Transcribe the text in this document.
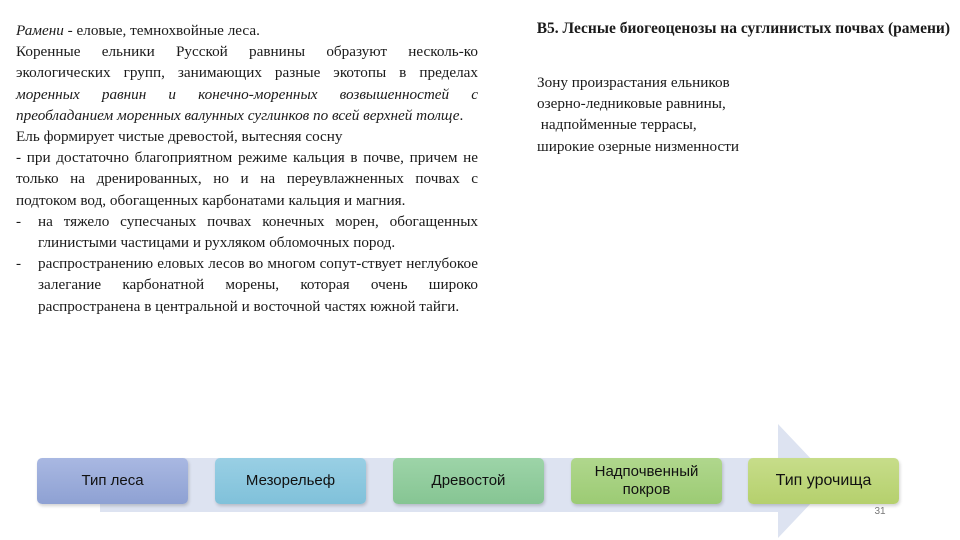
В5. Лесные биогеоценозы на суглинистых почвах (рамени)

Рамени - еловые, темнохвойные леса.

Коренные ельники Русской равнины образуют несколь-ко экологических групп, занимающих разные экотопы в пределах моренных равнин и конечно-моренных возвышенностей с преобладанием моренных валунных суглинков по всей верхней толще.

Ель формирует чистые древостой, вытесняя сосну

- при достаточно благоприятном режиме кальция в почве, причем не только на дренированных, но и на переувлажненных почвах с подтоком вод, обогащенных карбонатами кальция и магния.

-	на тяжело супесчаных почвах конечных морен, обогащенных глинистыми частицами и рухляком обломочных пород.
-	распространению еловых лесов во многом сопут-ствует неглубокое залегание карбонатной морены, которая очень широко распространена в центральной и восточной частях южной тайги.
Зону произрастания ельников
озерно-ледниковые равнины,
надпойменные террасы,
широкие озерные низменности
Тип леса	Мезорельеф	Древостой
Надпочвенный покров
Тип урочища
31
